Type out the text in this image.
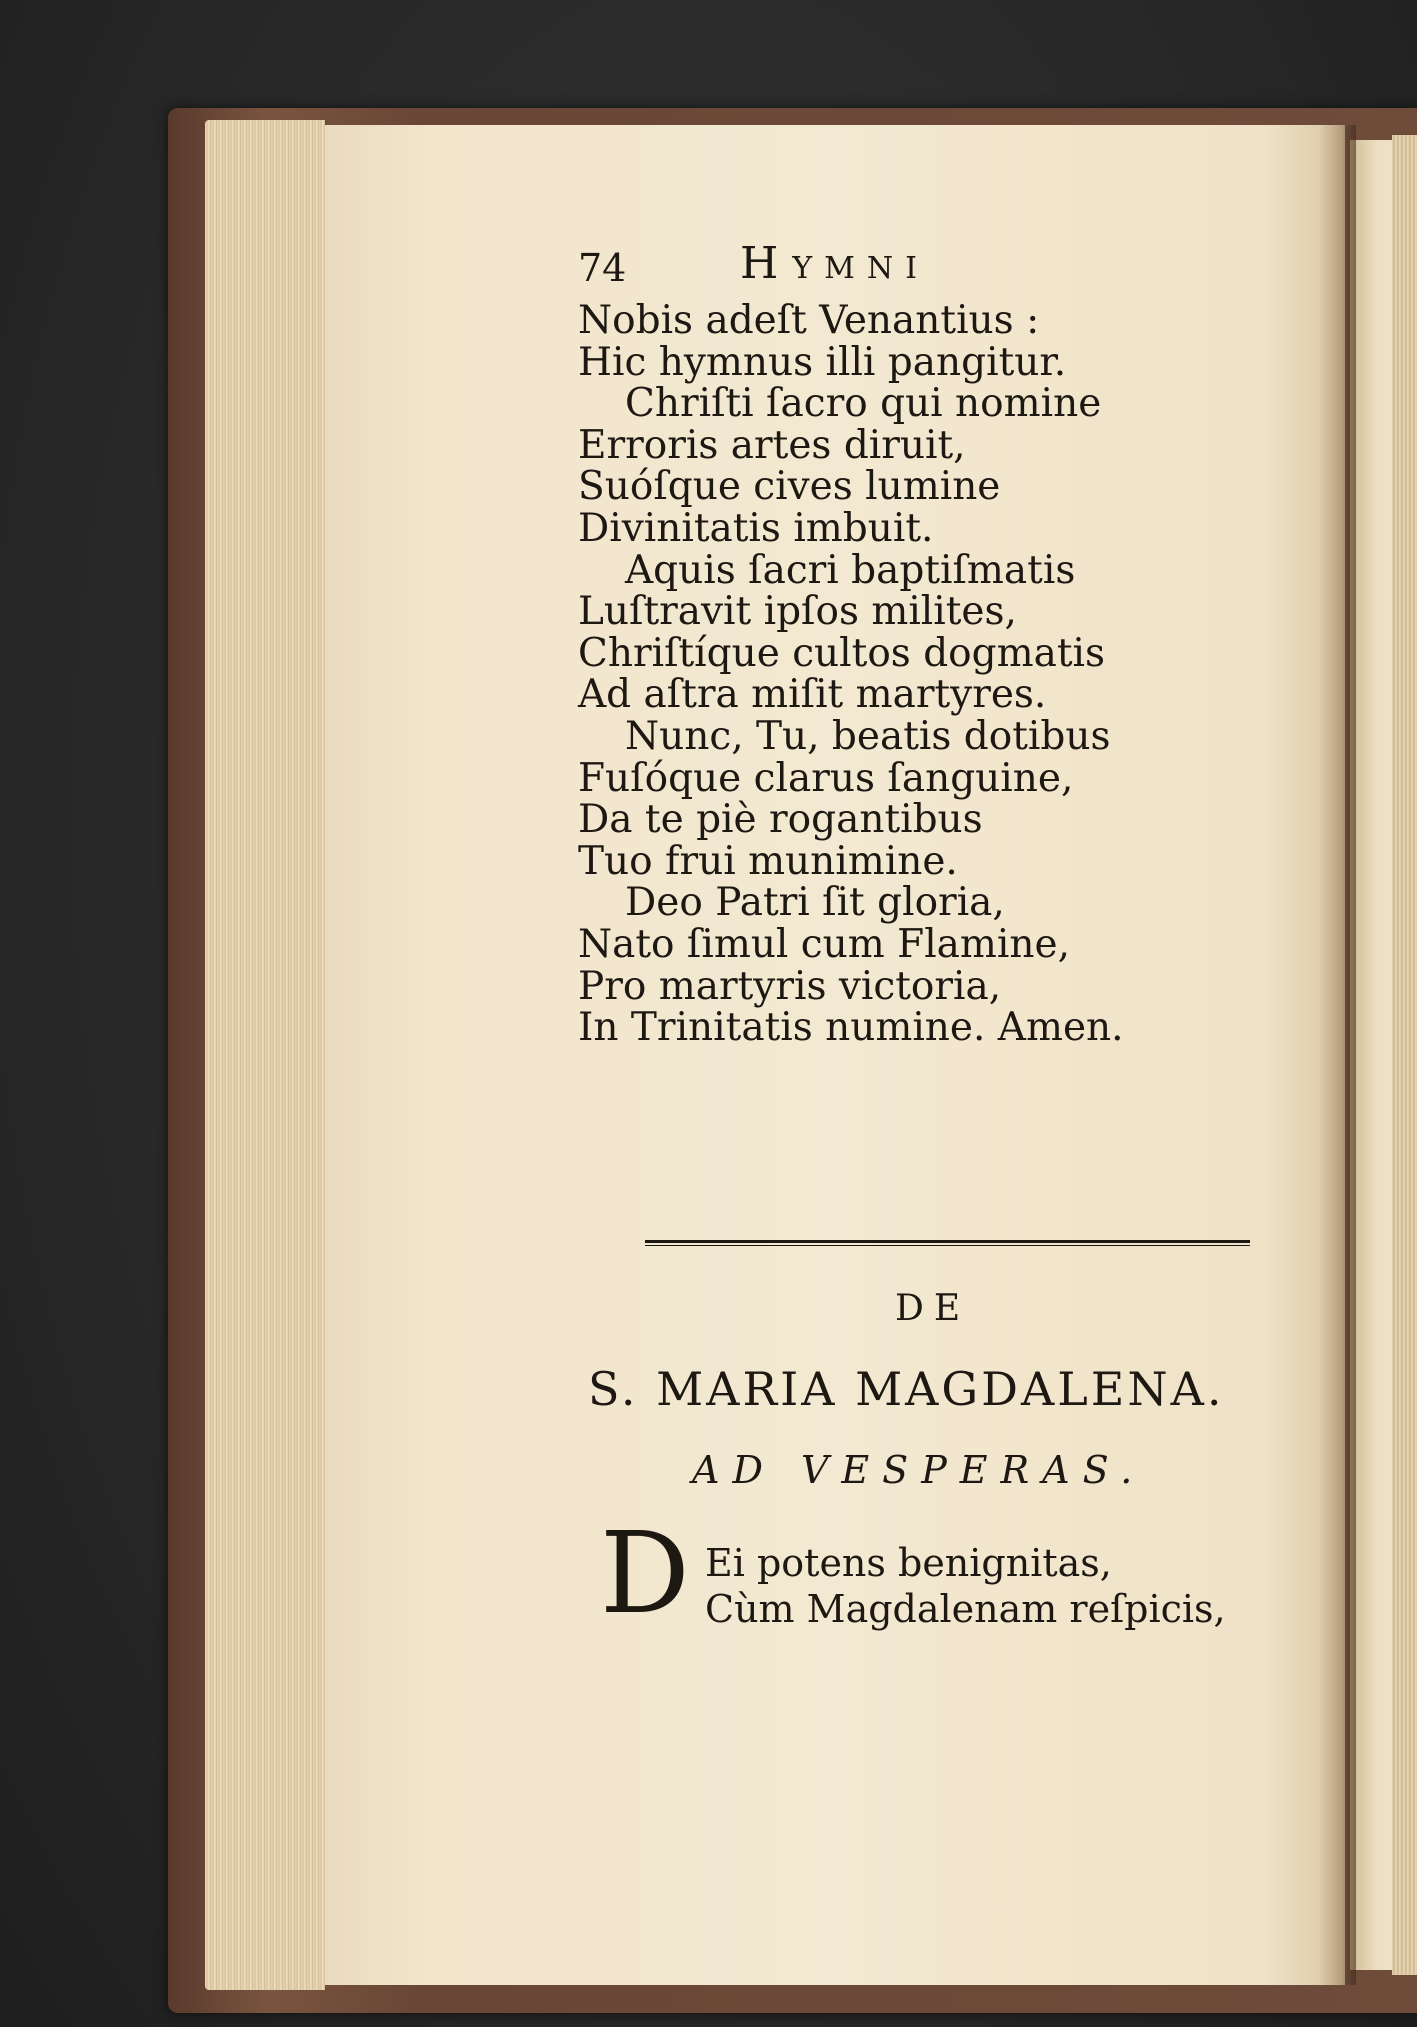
74	HYMNI
Nobis adeſt Venantius :
Hic hymnus illi pangitur.
Chriſti ſacro qui nomine
Erroris artes diruit,
Suóſque cives lumine
Divinitatis imbuit.
Aquis ſacri baptiſmatis
Luſtravit ipſos milites,
Chriſtíque cultos dogmatis
Ad aſtra miſit martyres.
Nunc, Tu, beatis dotibus
Fuſóque clarus ſanguine,
Da te piè rogantibus
Tuo frui munimine.
Deo Patri ſit gloria,
Nato ſimul cum Flamine,
Pro martyris victoria,
In Trinitatis numine. Amen.
DE
S. MARIA MAGDALENA.
AD VESPERAS.
D Ei potens benignitas,
Cùm Magdalenam reſpicis,
